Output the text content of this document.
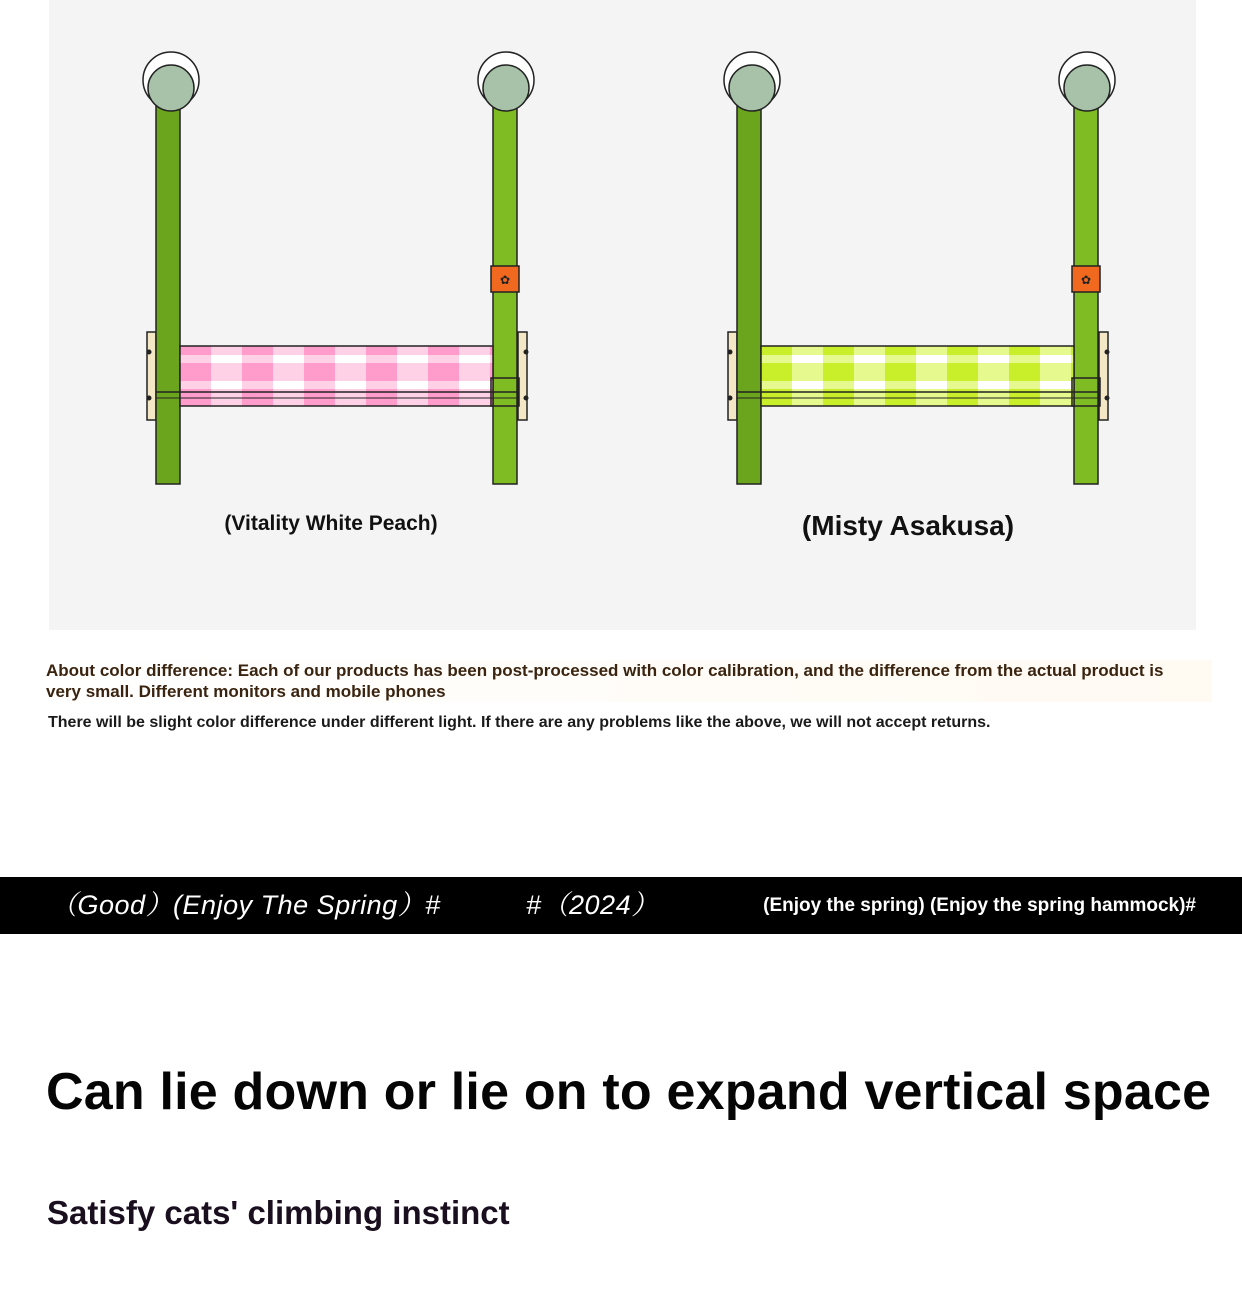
✿	✿
(Vitality White Peach)	(Misty Asakusa)
About color difference: Each of our products has been post-processed with color calibration, and the difference from the actual product is very small. Different monitors and mobile phones
There will be slight color difference under different light. If there are any problems like the above, we will not accept returns.
（Good）(Enjoy The Spring）#	#（2024）	(Enjoy the spring) (Enjoy the spring hammock)#
Can lie down or lie on to expand vertical space
Satisfy cats' climbing instinct
